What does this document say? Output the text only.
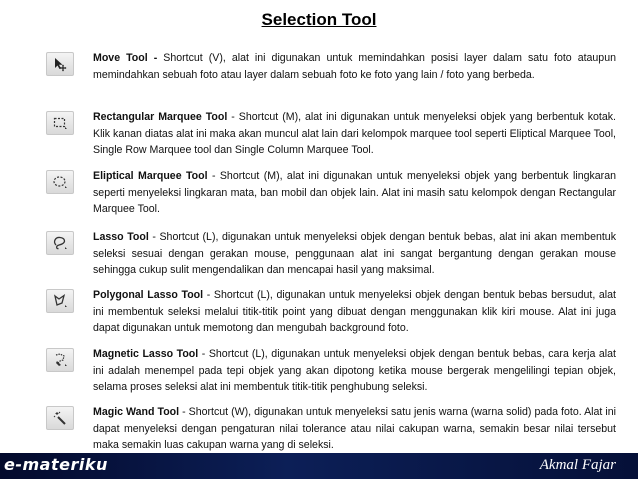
Selection Tool
Move Tool - Shortcut (V), alat ini digunakan untuk memindahkan posisi layer dalam satu foto ataupun memindahkan sebuah foto atau layer dalam sebuah foto ke foto yang lain / foto yang berbeda.
Rectangular Marquee Tool - Shortcut (M), alat ini digunakan untuk menyeleksi objek yang berbentuk kotak. Klik kanan diatas alat ini maka akan muncul alat lain dari kelompok marquee tool seperti Eliptical Marquee Tool, Single Row Marquee tool dan Single Column Marquee Tool.
Eliptical Marquee Tool - Shortcut (M), alat ini digunakan untuk menyeleksi objek yang berbentuk lingkaran seperti menyeleksi lingkaran mata, ban mobil dan objek lain. Alat ini masih satu kelompok dengan Rectangular Marquee Tool.
Lasso Tool - Shortcut (L), digunakan untuk menyeleksi objek dengan bentuk bebas, alat ini akan membentuk seleksi sesuai dengan gerakan mouse, penggunaan alat ini sangat bergantung dengan gerakan mouse sehingga cukup sulit mengendalikan dan mencapai hasil yang maksimal.
Polygonal Lasso Tool - Shortcut (L), digunakan untuk menyeleksi objek dengan bentuk bebas bersudut, alat ini membentuk seleksi melalui titik-titik point yang dibuat dengan menggunakan klik kiri mouse. Alat ini juga dapat digunakan untuk memotong dan mengubah background foto.
Magnetic Lasso Tool - Shortcut (L), digunakan untuk menyeleksi objek dengan bentuk bebas, cara kerja alat ini adalah menempel pada tepi objek yang akan dipotong ketika mouse bergerak mengelilingi tepian objek, selama proses seleksi alat ini membentuk titik-titik penghubung seleksi.
Magic Wand Tool - Shortcut (W), digunakan untuk menyeleksi satu jenis warna (warna solid) pada foto. Alat ini dapat menyeleksi dengan pengaturan nilai tolerance atau nilai cakupan warna, semakin besar nilai tersebut maka semakin luas cakupan warna yang di seleksi.
e-materiku	Akmal Fajar
